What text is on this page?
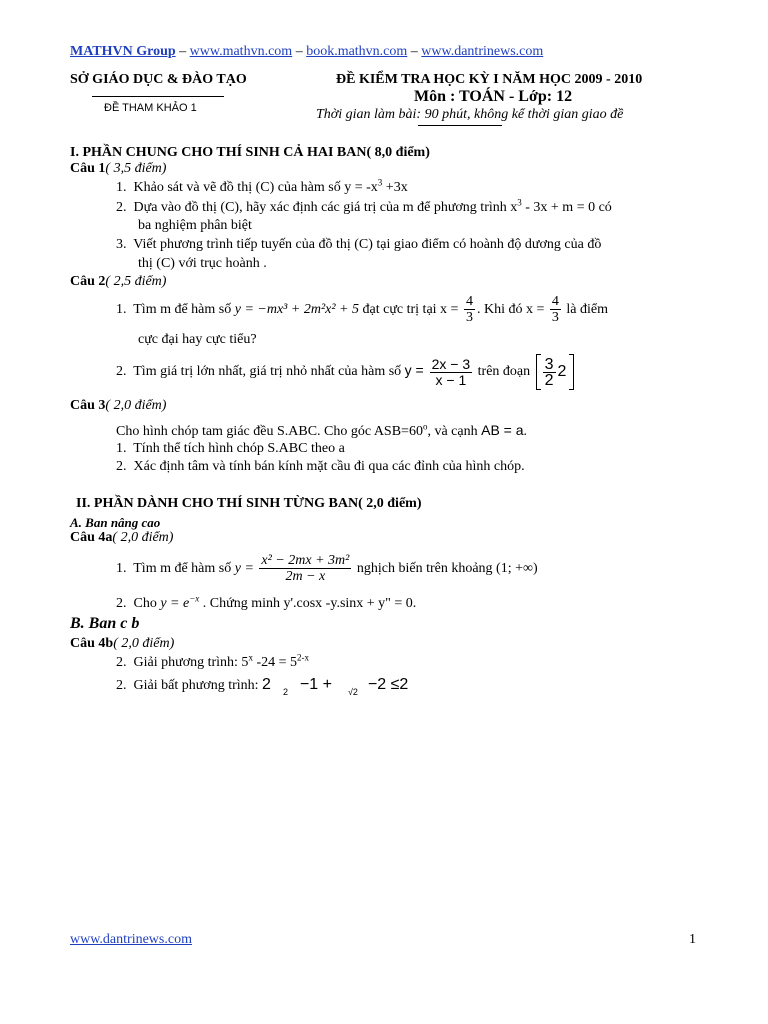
MATHVN Group – www.mathvn.com – book.mathvn.com – www.dantrinews.com
SỞ GIÁO DỤC & ĐÀO TẠO
ĐỀ THAM KHẢO 1
ĐỀ KIỂM TRA HỌC KỲ I NĂM HỌC 2009 - 2010
Môn : TOÁN - Lớp: 12
Thời gian làm bài: 90 phút, không kể thời gian giao đề
I. PHẦN CHUNG CHO THÍ SINH CẢ HAI BAN( 8,0 điểm)
Câu 1( 3,5 điểm)
1. Khảo sát và vẽ đồ thị (C) của hàm số $y = -x^3 +3x$
2. Dựa vào đồ thị (C), hãy xác định các giá trị của m để phương trình $x^3 - 3x + m = 0$ có
ba nghiệm phân biệt
3. Viết phương trình tiếp tuyến của đồ thị (C) tại giao điểm có hoành độ dương của đồ
thị (C) với trục hoành .
Câu 2( 2,5 điểm)
1. Tìm m để hàm số y = −mx³ + 2m²x² + 5 đạt cực trị tại $x = \frac{4}{3}$ . Khi đó $x = \frac{4}{3}$ là điểm
cực đại hay cực tiểu?
2. Tìm giá trị lớn nhất, giá trị nhỏ nhất của hàm số $y = \frac{2x - 3}{x - 1}$ trên đoạn $\frac{3}{2} 2$
Câu 3( 2,0 điểm)
Cho hình chóp tam giác đều S.ABC. Cho góc $ASB=60^o$, và cạnh AB = a.
1. Tính thể tích hình chóp S.ABC theo a
2. Xác định tâm và tính bán kính mặt cầu đi qua các đỉnh của hình chóp.
II. PHẦN DÀNH CHO THÍ SINH TỪNG BAN( 2,0 điểm)
A. Ban nâng cao
Câu 4a( 2,0 điểm)
1. Tìm m để hàm số $y = \frac{\text{x² − 2mx + 3m²}}{2m - x}$ nghịch biến trên khoảng (1; +∞)
2. Cho $y = e^{-x}$ . Chứng minh y'.cosx -y.sinx + y" = 0.
B. Ban c b
Câu 4b( 2,0 điểm)
2. Giải phương trình: 5$^x$ $-24 = 5^{2-x}$
2. Giải bất phương trình: 2 $_2$ −1 + $_{√2}$ −2 ≤2
www.dantrinews.com	1
